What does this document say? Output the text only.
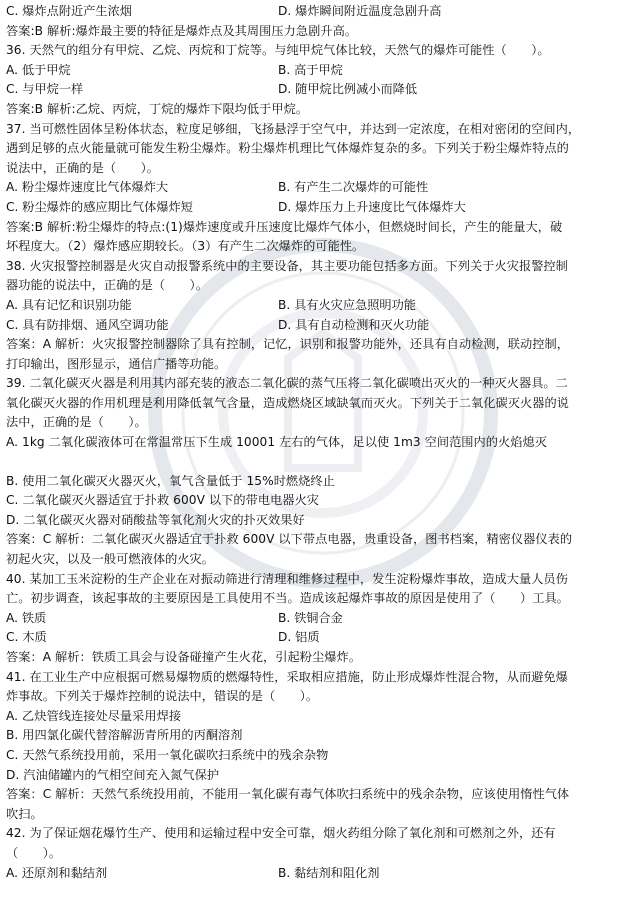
C. 爆炸点附近产生浓烟	D. 爆炸瞬间附近温度急剧升高
答案:B 解析:爆炸最主要的特征是爆炸点及其周围压力急剧升高。
36. 天然气的组分有甲烷、乙烷、丙烷和丁烷等。与纯甲烷气体比较，天然气的爆炸可能性（　　）。
A. 低于甲烷	B. 高于甲烷
C. 与甲烷一样	D. 随甲烷比例减小而降低
答案:B 解析:乙烷、丙烷，丁烷的爆炸下限均低于甲烷。
37. 当可燃性固体呈粉体状态，粒度足够细，飞扬悬浮于空气中，并达到一定浓度，在相对密闭的空间内，
遇到足够的点火能量就可能发生粉尘爆炸。粉尘爆炸机理比气体爆炸复杂的多。下列关于粉尘爆炸特点的
说法中，正确的是（　　）。
A. 粉尘爆炸速度比气体爆炸大	B. 有产生二次爆炸的可能性
C. 粉尘爆炸的感应期比气体爆炸短	D. 爆炸压力上升速度比气体爆炸大
答案:B 解析:粉尘爆炸的特点:(1)爆炸速度或升压速度比爆炸气体小，但燃烧时间长，产生的能量大，破
坏程度大。（2）爆炸感应期较长。（3）有产生二次爆炸的可能性。
38. 火灾报警控制器是火灾自动报警系统中的主要设备，其主要功能包括多方面。下列关于火灾报警控制
器功能的说法中，正确的是（　　）。
A. 具有记忆和识别功能	B. 具有火灾应急照明功能
C. 具有防排烟、通风空调功能	D. 具有自动检测和灭火功能
答案：A 解析：火灾报警控制器除了具有控制，记忆，识别和报警功能外，还具有自动检测，联动控制，
打印输出，图形显示，通信广播等功能。
39. 二氧化碳灭火器是利用其内部充装的液态二氧化碳的蒸气压将二氧化碳喷出灭火的一种灭火器具。二
氧化碳灭火器的作用机理是利用降低氧气含量，造成燃烧区域缺氧而灭火。下列关于二氧化碳灭火器的说
法中，正确的是（　　）。
A. 1kg 二氧化碳液体可在常温常压下生成 10001 左右的气体，足以使 1m3 空间范围内的火焰熄灭
B. 使用二氧化碳灭火器灭火，氧气含量低于 15%时燃烧终止
C. 二氧化碳灭火器适宜于扑救 600V 以下的带电电器火灾
D. 二氧化碳灭火器对硝酸盐等氧化剂火灾的扑灭效果好
答案：C 解析：二氧化碳灭火器适宜于扑救 600V 以下带点电器，贵重设备，图书档案，精密仪器仪表的
初起火灾，以及一般可燃液体的火灾。
40. 某加工玉米淀粉的生产企业在对振动筛进行清理和维修过程中，发生淀粉爆炸事故，造成大量人员伤
亡。初步调查，该起事故的主要原因是工具使用不当。造成该起爆炸事故的原因是使用了（　　）工具。
A. 铁质	B. 铁铜合金
C. 木质	D. 铝质
答案：A 解析：铁质工具会与设备碰撞产生火花，引起粉尘爆炸。
41. 在工业生产中应根据可燃易爆物质的燃爆特性，采取相应措施，防止形成爆炸性混合物，从而避免爆
炸事故。下列关于爆炸控制的说法中，错误的是（　　）。
A. 乙炔管线连接处尽量采用焊接
B. 用四氯化碳代替溶解沥青所用的丙酮溶剂
C. 天然气系统投用前，采用一氧化碳吹扫系统中的残余杂物
D. 汽油储罐内的气相空间充入氮气保护
答案：C 解析：天然气系统投用前，不能用一氧化碳有毒气体吹扫系统中的残余杂物，应该使用惰性气体
吹扫。
42. 为了保证烟花爆竹生产、使用和运输过程中安全可靠，烟火药组分除了氧化剂和可燃剂之外，还有
（　　）。
A. 还原剂和黏结剂	B. 黏结剂和阻化剂
